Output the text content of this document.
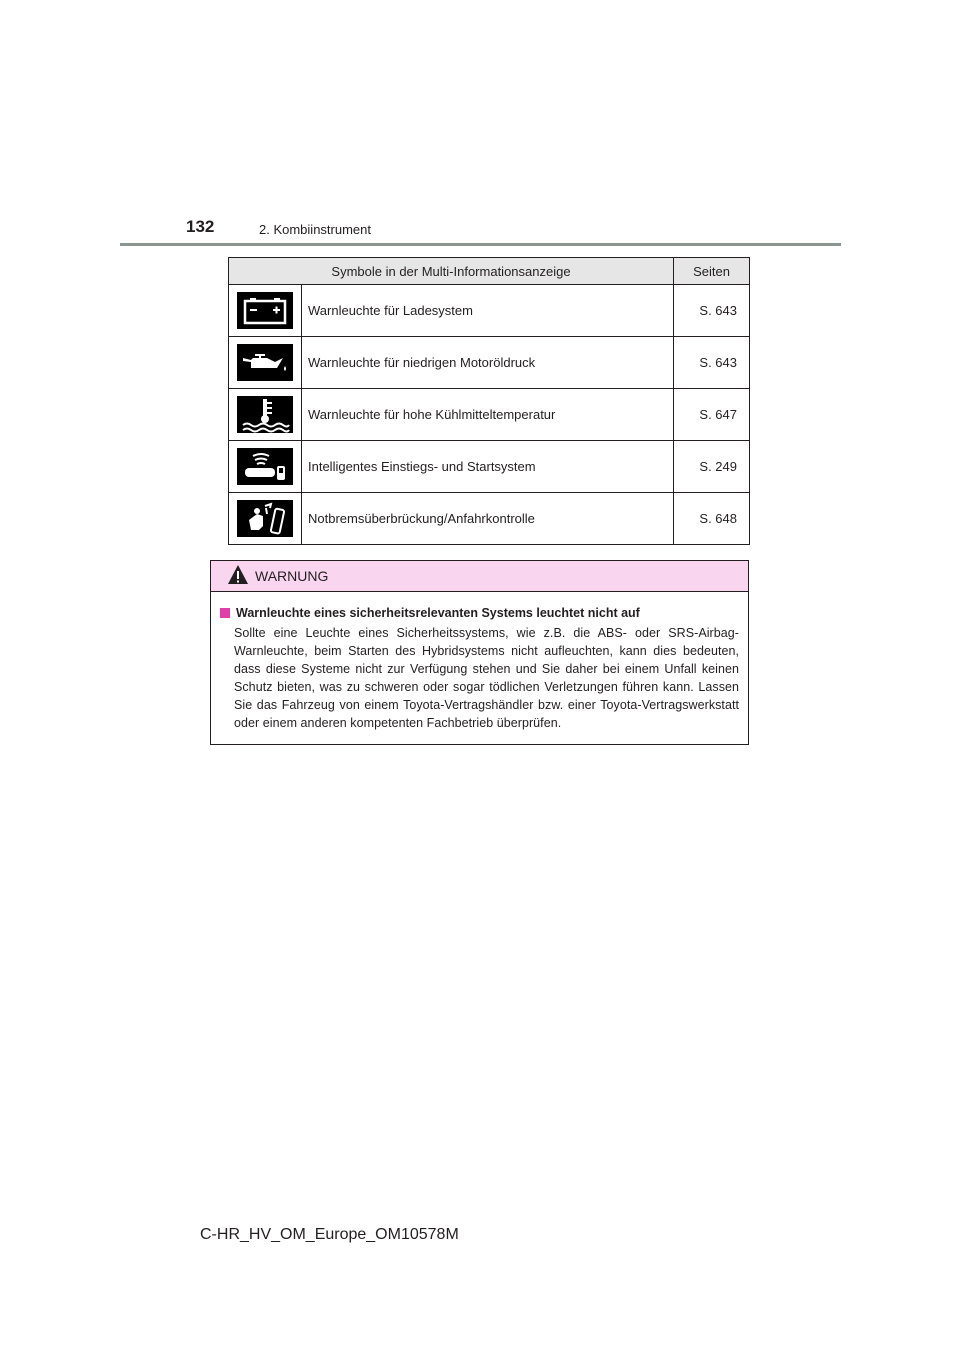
132	2. Kombiinstrument
Symbole in der Multi-Informationsanzeige		Seiten

	Warnleuchte für Ladesystem	S. 643

	Warnleuchte für niedrigen Motoröldruck	S. 643

	Warnleuchte für hohe Kühlmitteltemperatur	S. 647

	Intelligentes Einstiegs- und Startsystem	S. 249

	Notbremsüberbrückung/Anfahrkontrolle	S. 648
WARNUNG
Warnleuchte eines sicherheitsrelevanten Systems leuchtet nicht auf
Sollte eine Leuchte eines Sicherheitssystems, wie z.B. die ABS- oder SRS-Airbag-Warnleuchte, beim Starten des Hybridsystems nicht aufleuchten, kann dies bedeuten, dass diese Systeme nicht zur Verfügung stehen und Sie daher bei einem Unfall keinen Schutz bieten, was zu schweren oder sogar tödlichen Verletzungen führen kann. Lassen Sie das Fahrzeug von einem Toyota-Vertragshändler bzw. einer Toyota-Vertragswerkstatt oder einem anderen kompetenten Fachbetrieb überprüfen.
C-HR_HV_OM_Europe_OM10578M
